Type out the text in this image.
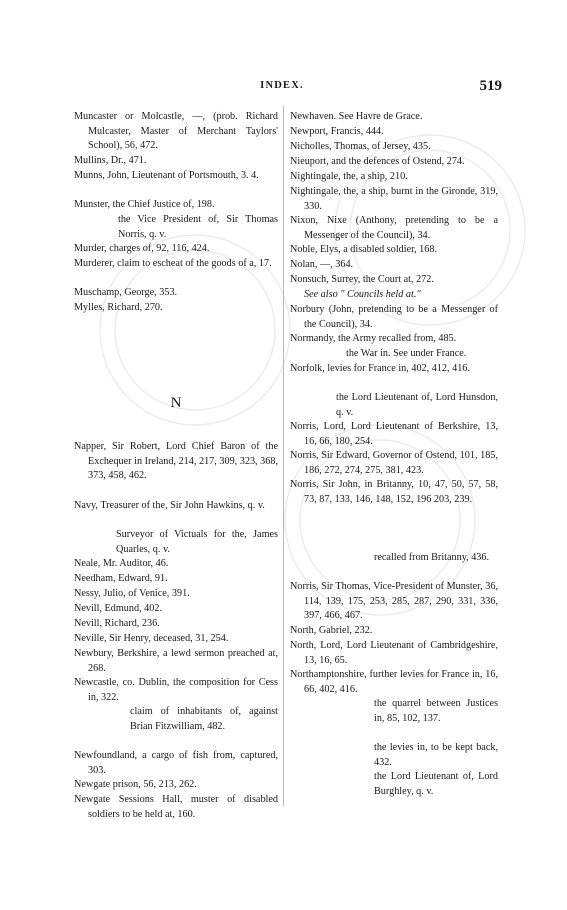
INDEX.	519
Muncaster or Molcastle, —, (prob. Richard Mulcaster, Master of Merchant Taylors' School), 56, 472.
Mullins, Dr., 471.
Munns, John, Lieutenant of Portsmouth, 3. 4.
Munster, the Chief Justice of, 198.
the Vice President of, Sir Thomas Norris, q. v.
Murder, charges of, 92, 116, 424.
Murderer, claim to escheat of the goods of a, 17.
Muschamp, George, 353.
Mylles, Richard, 270.
N
Napper, Sir Robert, Lord Chief Baron of the Exchequer in Ireland, 214, 217, 309, 323, 368, 373, 458, 462.
Navy, Treasurer of the, Sir John Hawkins, q. v.
Surveyor of Victuals for the, James Quarles, q. v.
Neale, Mr. Auditor, 46.
Needham, Edward, 91.
Nessy, Julio, of Venice, 391.
Nevill, Edmund, 402.
Nevill, Richard, 236.
Neville, Sir Henry, deceased, 31, 254.
Newbury, Berkshire, a lewd sermon preached at, 268.
Newcastle, co. Dublin, the composition for Cess in, 322.
claim of inhabitants of, against Brian Fitzwilliam, 482.
Newfoundland, a cargo of fish from, captured, 303.
Newgate prison, 56, 213, 262.
Newgate Sessions Hall, muster of disabled soldiers to be held at, 160.
Newhaven. See Havre de Grace.
Newport, Francis, 444.
Nicholles, Thomas, of Jersey, 435.
Nieuport, and the defences of Ostend, 274.
Nightingale, the, a ship, 210.
Nightingale, the, a ship, burnt in the Gironde, 319, 330.
Nixon, Nixe (Anthony, pretending to be a Messenger of the Council), 34.
Noble, Elys, a disabled soldier, 168.
Nolan, —, 364.
Nonsuch, Surrey, the Court at, 272.
See also " Councils held at."
Norbury (John, pretending to be a Messenger of the Council), 34.
Normandy, the Army recalled from, 485.
the War in. See under France.
Norfolk, levies for France in, 402, 412, 416.
the Lord Lieutenant of, Lord Hunsdon, q. v.
Norris, Lord, Lord Lieutenant of Berkshire, 13, 16, 66, 180, 254.
Norris, Sir Edward, Governor of Ostend, 101, 185, 186, 272, 274, 275, 381, 423.
Norris, Sir John, in Britanny, 10, 47, 50, 57, 58, 73, 87, 133, 146, 148, 152, 196 203, 239.
recalled from Britanny, 436.
Norris, Sir Thomas, Vice-President of Munster, 36, 114, 139, 175, 253, 285, 287, 290, 331, 336, 397, 466, 467.
North, Gabriel, 232.
North, Lord, Lord Lieutenant of Cambridgeshire, 13, 16, 65.
Northamptonshire, further levies for France in, 16, 66, 402, 416.
the quarrel between Justices in, 85, 102, 137.
the levies in, to be kept back, 432.
the Lord Lieutenant of, Lord Burghley, q. v.
